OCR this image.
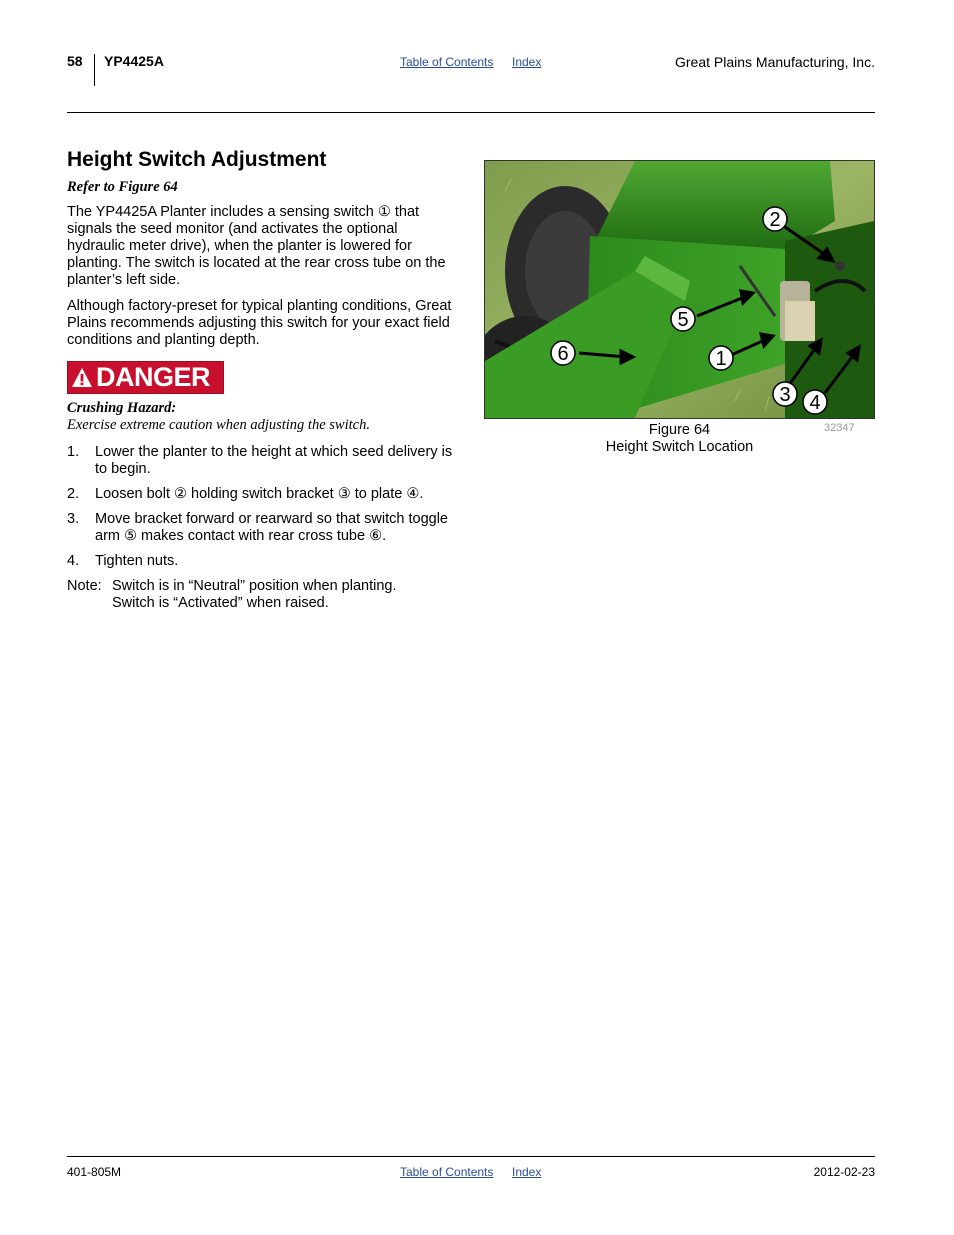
58 YP4425A	Table of Contents Index	Great Plains Manufacturing, Inc.
Height Switch Adjustment
Refer to Figure 64

The YP4425A Planter includes a sensing switch ① that signals the seed monitor (and activates the optional hydraulic meter drive), when the planter is lowered for planting. The switch is located at the rear cross tube on the planter’s left side.

Although factory-preset for typical planting conditions, Great Plains recommends adjusting this switch for your exact field conditions and planting depth.

DANGER
Crushing Hazard:
Exercise extreme caution when adjusting the switch.
1. Lower the planter to the height at which seed delivery is to begin.
2. Loosen bolt ② holding switch bracket ③ to plate ④.
3. Move bracket forward or rearward so that switch toggle arm ⑤ makes contact with rear cross tube ⑥.
4. Tighten nuts.
Note: Switch is in “Neutral” position when planting.
Switch is “Activated” when raised.
2
5
6	1
3 4
Figure 64
Height Switch Location
32347
401-805M	Table of Contents Index	2012-02-23
